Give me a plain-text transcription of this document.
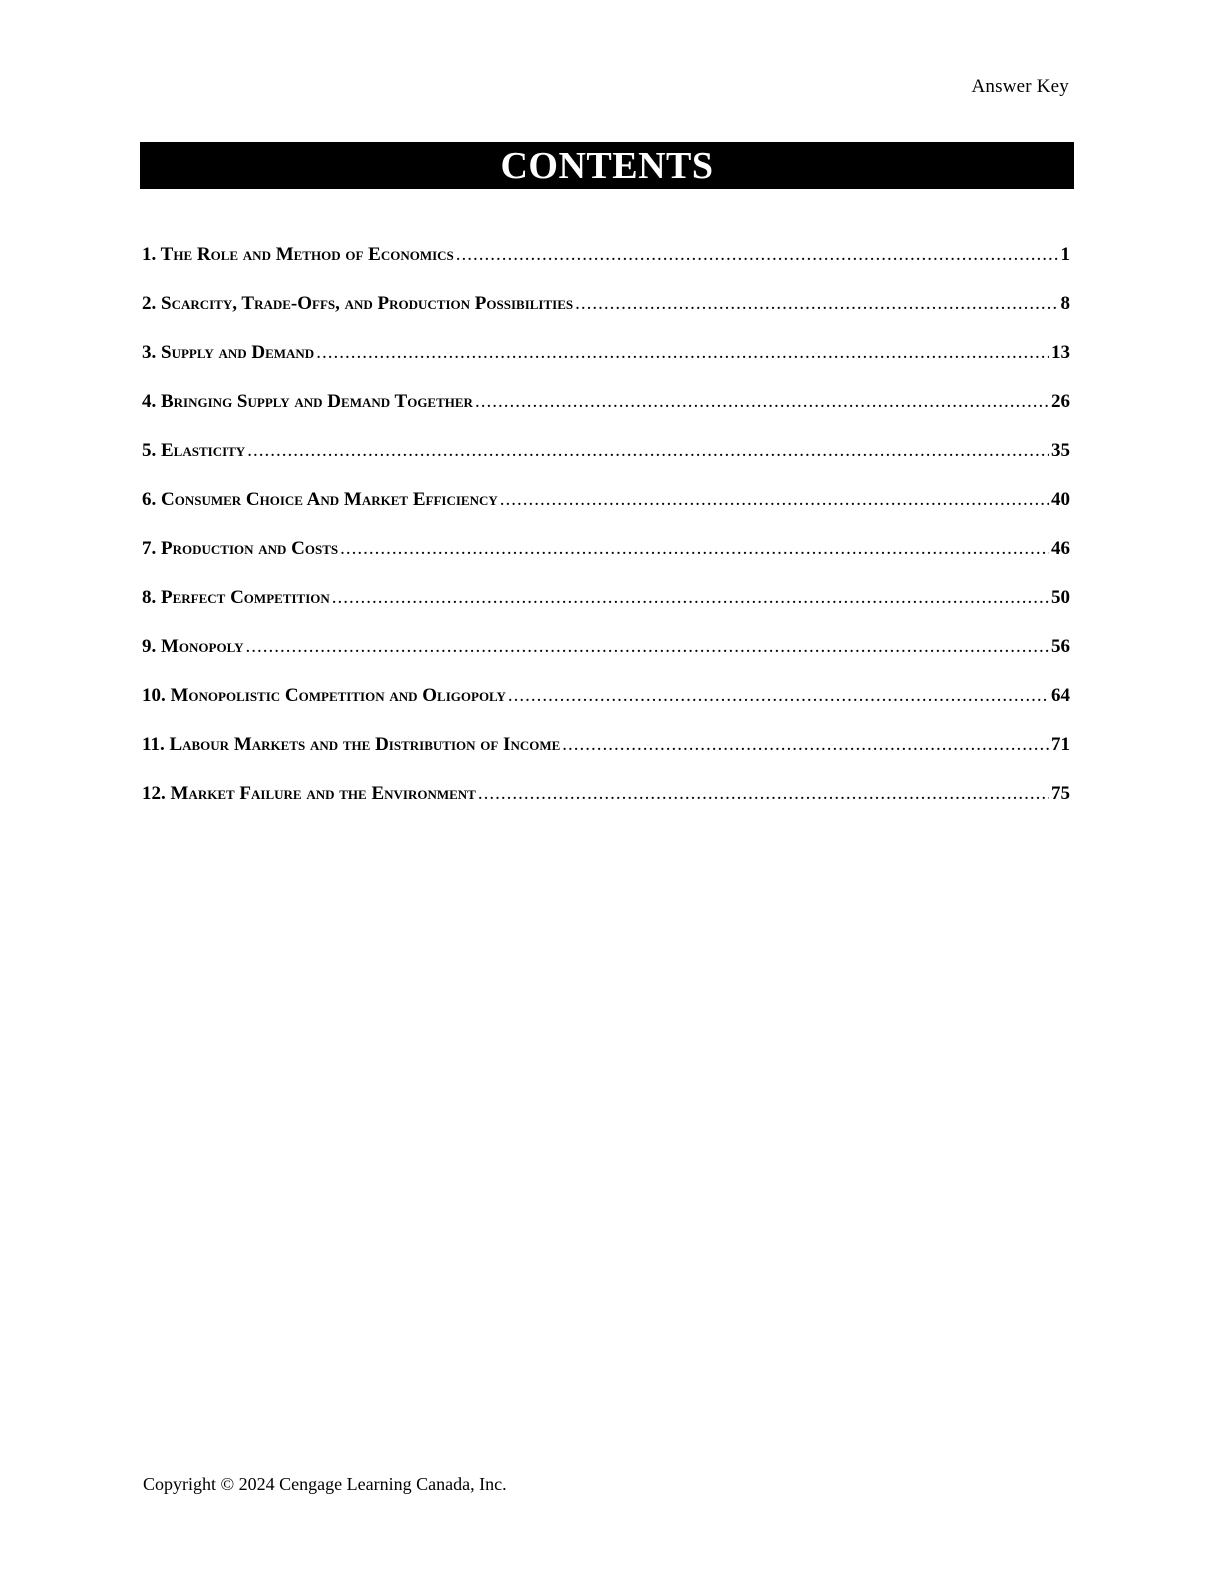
Answer Key
CONTENTS
1. The Role and Method of Economics .....	1
2. Scarcity, Trade-Offs, and Production Possibilities .....	8
3. Supply and Demand .....	13
4. Bringing Supply and Demand Together .....	26
5. Elasticity .....	35
6. Consumer Choice And Market Efficiency .....	40
7. Production and Costs .....	46
8. Perfect Competition .....	50
9. Monopoly .....	56
10. Monopolistic Competition and Oligopoly .....	64
11. Labour Markets and the Distribution of Income .....	71
12. Market Failure and the Environment .....	75
Copyright © 2024 Cengage Learning Canada, Inc.
